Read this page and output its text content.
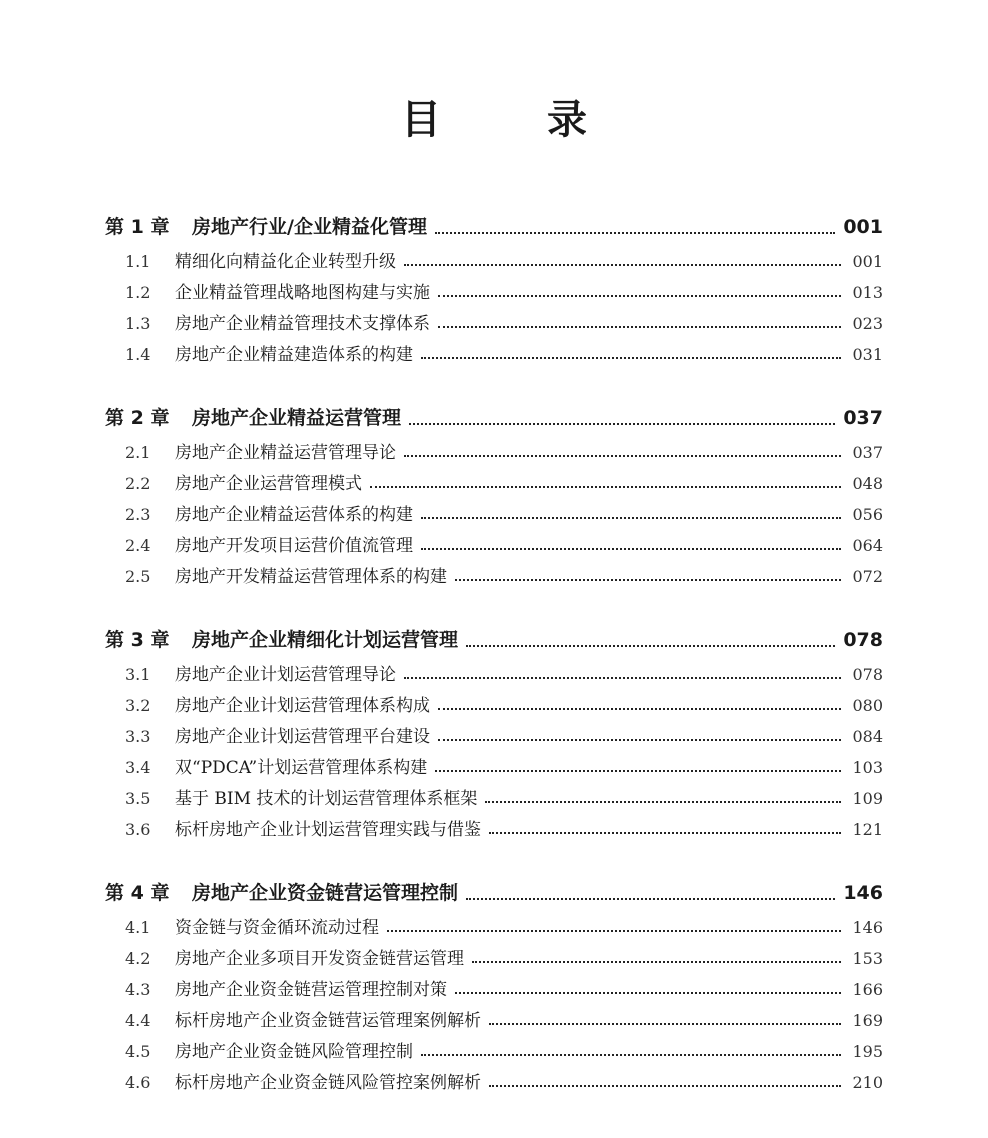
目 录
第 1 章	房地产行业/企业精益化管理	001
1.1	精细化向精益化企业转型升级	001
1.2	企业精益管理战略地图构建与实施	013
1.3	房地产企业精益管理技术支撑体系	023
1.4	房地产企业精益建造体系的构建	031
第 2 章	房地产企业精益运营管理	037
2.1	房地产企业精益运营管理导论	037
2.2	房地产企业运营管理模式	048
2.3	房地产企业精益运营体系的构建	056
2.4	房地产开发项目运营价值流管理	064
2.5	房地产开发精益运营管理体系的构建	072
第 3 章	房地产企业精细化计划运营管理	078
3.1	房地产企业计划运营管理导论	078
3.2	房地产企业计划运营管理体系构成	080
3.3	房地产企业计划运营管理平台建设	084
3.4	双“PDCA”计划运营管理体系构建	103
3.5	基于 BIM 技术的计划运营管理体系框架	109
3.6	标杆房地产企业计划运营管理实践与借鉴	121
第 4 章	房地产企业资金链营运管理控制	146
4.1	资金链与资金循环流动过程	146
4.2	房地产企业多项目开发资金链营运管理	153
4.3	房地产企业资金链营运管理控制对策	166
4.4	标杆房地产企业资金链营运管理案例解析	169
4.5	房地产企业资金链风险管理控制	195
4.6	标杆房地产企业资金链风险管控案例解析	210
